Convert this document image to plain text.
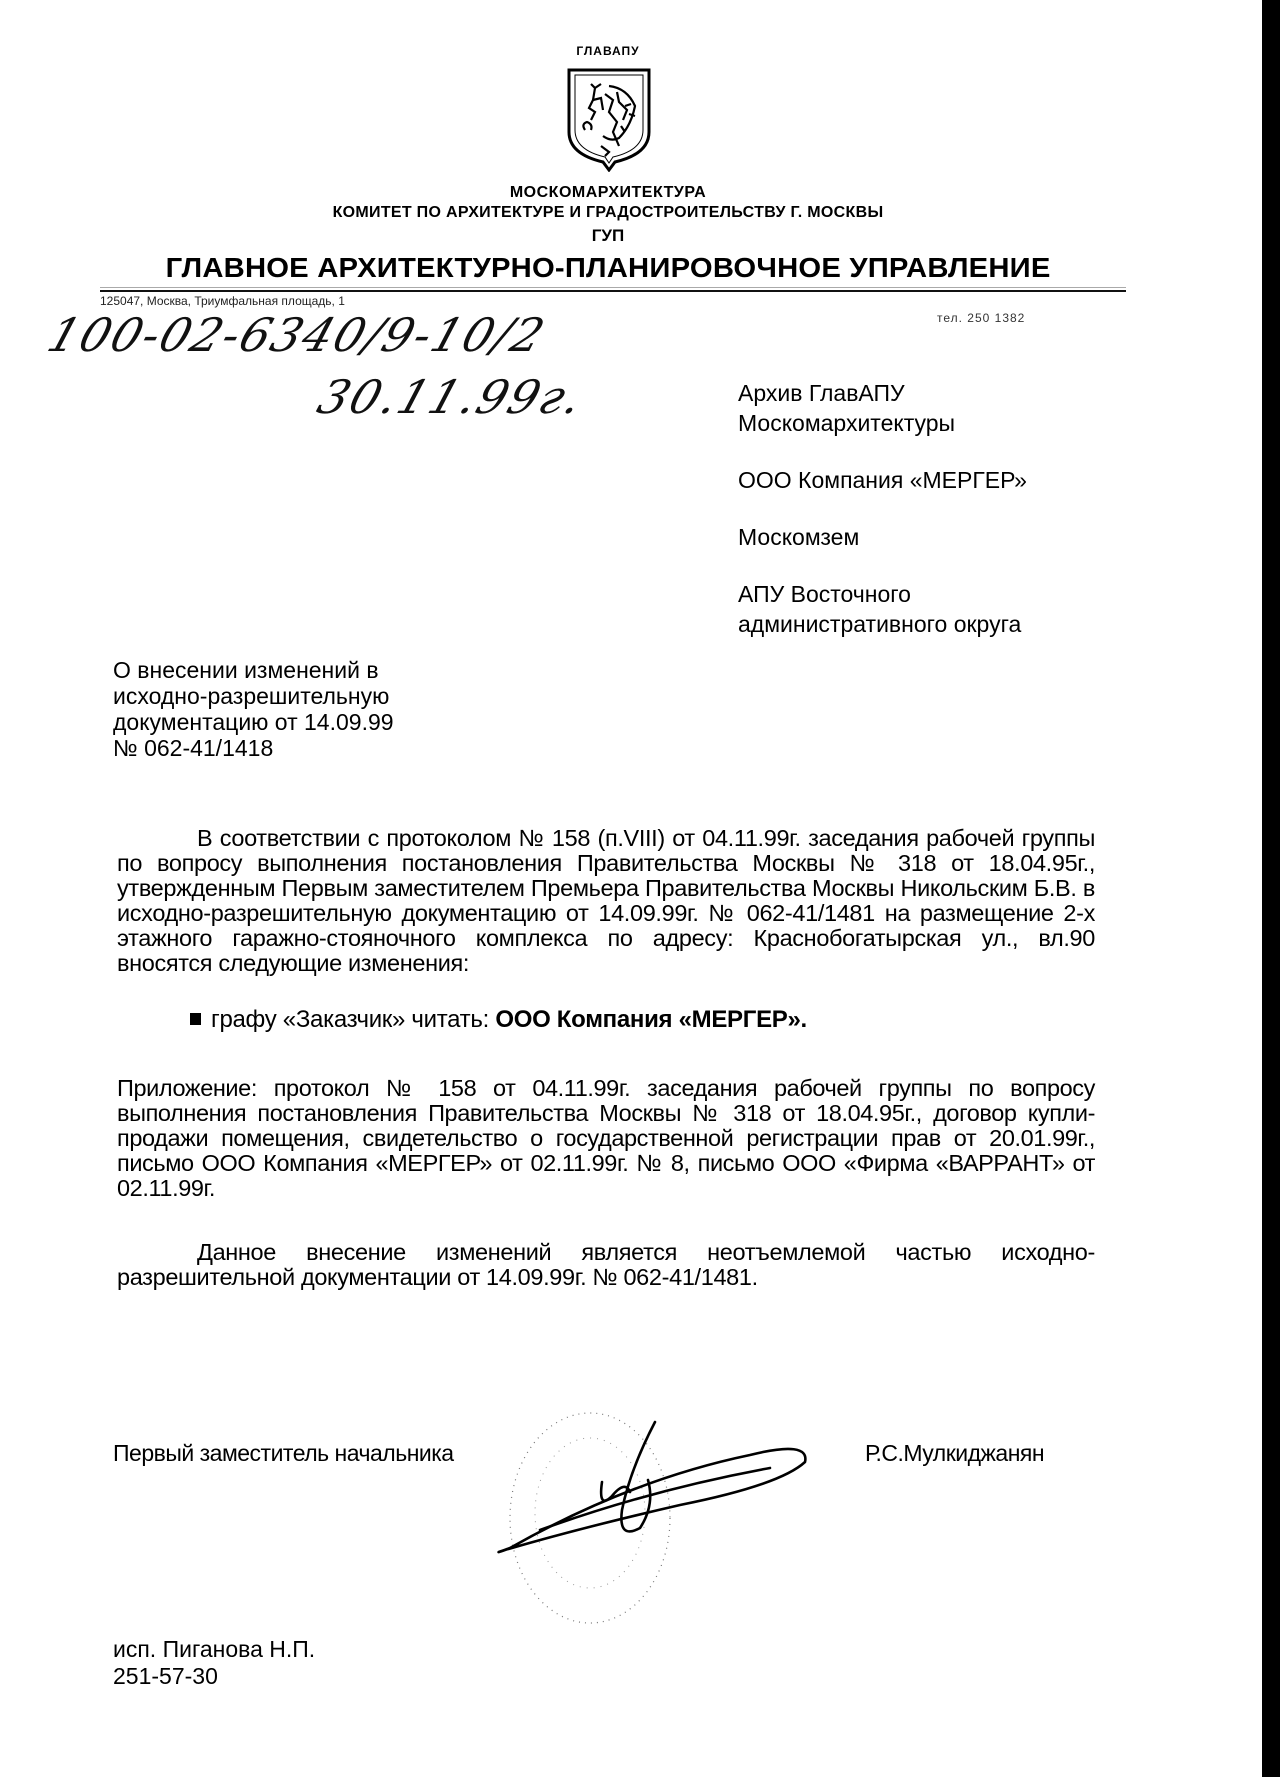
ГЛАВАПУ
МОСКОМАРХИТЕКТУРА
КОМИТЕТ ПО АРХИТЕКТУРЕ И ГРАДОСТРОИТЕЛЬСТВУ Г. МОСКВЫ
ГУП
ГЛАВНОЕ АРХИТЕКТУРНО-ПЛАНИРОВОЧНОЕ УПРАВЛЕНИЕ
125047, Москва, Триумфальная площадь, 1
тел. 250 1382
100-02-6340/9-10/2
30.11.99г.	Архив ГлавАПУ
Москомархитектуры
ООО Компания «МЕРГЕР»
Москомзем
АПУ Восточного
административного округа
О внесении изменений в
исходно-разрешительную
документацию от 14.09.99
№ 062-41/1418
В соответствии с протоколом № 158 (п.VIII) от 04.11.99г. заседания рабочей группы по вопросу выполнения постановления Правительства Москвы № 318 от 18.04.95г., утвержденным Первым заместителем Премьера Правительства Москвы Никольским Б.В. в исходно-разрешительную документацию от 14.09.99г. № 062-41/1481 на размещение 2-х этажного гаражно-стояночного комплекса по адресу: Краснобогатырская ул., вл.90 вносятся следующие изменения:
графу «Заказчик» читать: ООО Компания «МЕРГЕР».
Приложение: протокол № 158 от 04.11.99г. заседания рабочей группы по вопросу выполнения постановления Правительства Москвы № 318 от 18.04.95г., договор купли-продажи помещения, свидетельство о государственной регистрации прав от 20.01.99г., письмо ООО Компания «МЕРГЕР» от 02.11.99г. № 8, письмо ООО «Фирма «ВАРРАНТ» от 02.11.99г.
Данное внесение изменений является неотъемлемой частью исходно-разрешительной документации от 14.09.99г. № 062-41/1481.
Первый заместитель начальника	Р.С.Мулкиджанян
исп. Пиганова Н.П.
251-57-30
